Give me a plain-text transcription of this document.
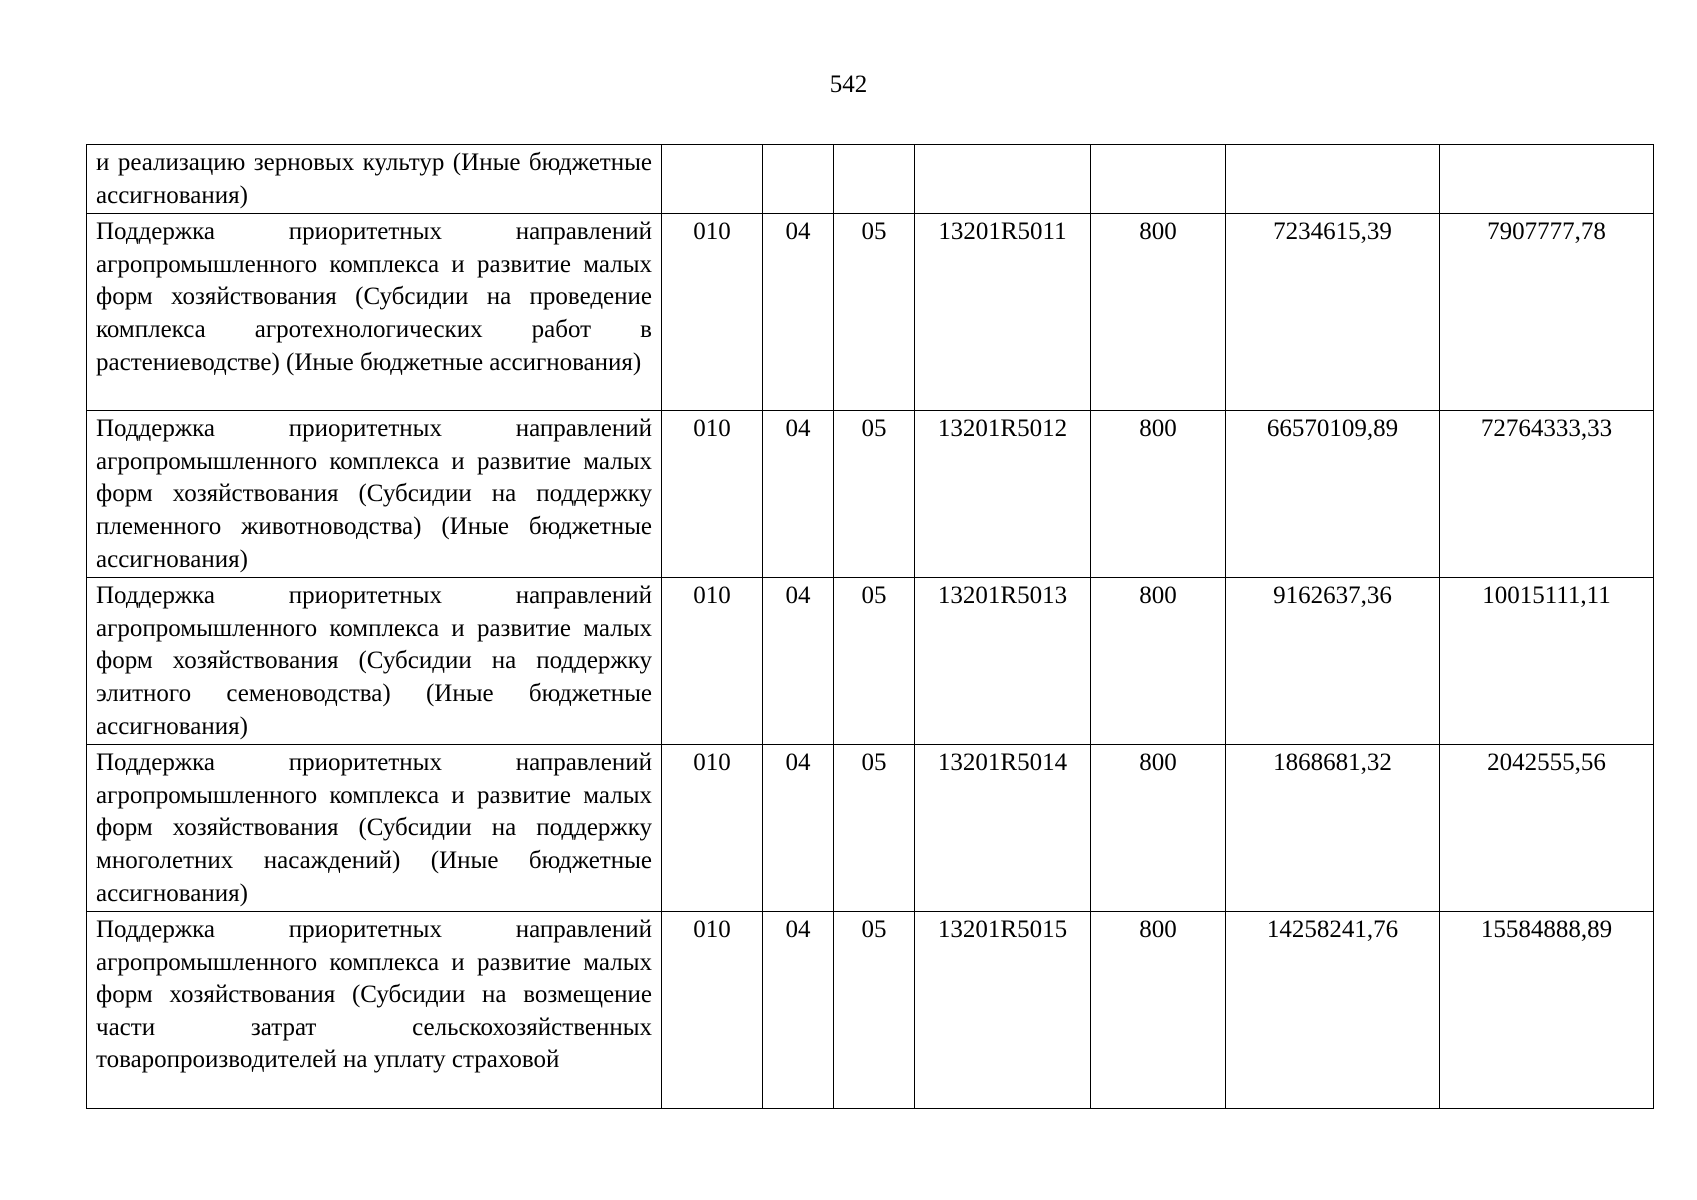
542
и реализацию зерновых культур (Иные бюджетные ассигнования)							
Поддержка приоритетных направлений агропромышленного комплекса и развитие малых форм хозяйствования (Субсидии на проведение комплекса агротехнологических работ в растениеводстве) (Иные бюджетные ассигнования)	010	04	05	13201R5011	800	7234615,39	7907777,78
Поддержка приоритетных направлений агропромышленного комплекса и развитие малых форм хозяйствования (Субсидии на поддержку племенного животноводства) (Иные бюджетные ассигнования)	010	04	05	13201R5012	800	66570109,89	72764333,33
Поддержка приоритетных направлений агропромышленного комплекса и развитие малых форм хозяйствования (Субсидии на поддержку элитного семеноводства) (Иные бюджетные ассигнования)	010	04	05	13201R5013	800	9162637,36	10015111,11
Поддержка приоритетных направлений агропромышленного комплекса и развитие малых форм хозяйствования (Субсидии на поддержку многолетних насаждений) (Иные бюджетные ассигнования)	010	04	05	13201R5014	800	1868681,32	2042555,56
Поддержка приоритетных направлений агропромышленного комплекса и развитие малых форм хозяйствования (Субсидии на возмещение части затрат сельскохозяйственных товаропроизводителей на уплату страховой	010	04	05	13201R5015	800	14258241,76	15584888,89
